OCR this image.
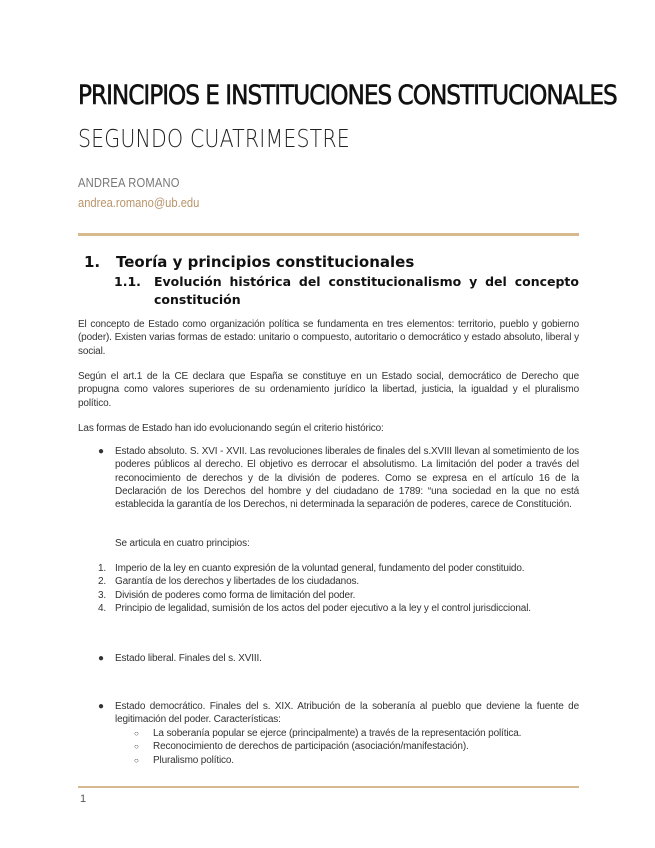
PRINCIPIOS E INSTITUCIONES CONSTITUCIONALES
SEGUNDO CUATRIMESTRE
ANDREA ROMANO
andrea.romano@ub.edu
1. Teoría y principios constitucionales
1.1. Evolución histórica del constitucionalismo y del concepto constitución
El concepto de Estado como organización política se fundamenta en tres elementos: territorio, pueblo y gobierno (poder). Existen varias formas de estado: unitario o compuesto, autoritario o democrático y estado absoluto, liberal y social.
Según el art.1 de la CE declara que España se constituye en un Estado social, democrático de Derecho que propugna como valores superiores de su ordenamiento jurídico la libertad, justicia, la igualdad y el pluralismo político.
Las formas de Estado han ido evolucionando según el criterio histórico:
● Estado absoluto. S. XVI - XVII. Las revoluciones liberales de finales del s.XVIII llevan al sometimiento de los poderes públicos al derecho. El objetivo es derrocar el absolutismo. La limitación del poder a través del reconocimiento de derechos y de la división de poderes. Como se expresa en el artículo 16 de la Declaración de los Derechos del hombre y del ciudadano de 1789: “una sociedad en la que no está establecida la garantía de los Derechos, ni determinada la separación de poderes, carece de Constitución.
Se articula en cuatro principios:
1. Imperio de la ley en cuanto expresión de la voluntad general, fundamento del poder constituido.
2. Garantía de los derechos y libertades de los ciudadanos.
3. División de poderes como forma de limitación del poder.
4. Principio de legalidad, sumisión de los actos del poder ejecutivo a la ley y el control jurisdiccional.
● Estado liberal. Finales del s. XVIII.
● Estado democrático. Finales del s. XIX. Atribución de la soberanía al pueblo que deviene la fuente de legitimación del poder. Características:
○ La soberanía popular se ejerce (principalmente) a través de la representación política.
○ Reconocimiento de derechos de participación (asociación/manifestación).
○ Pluralismo político.
1
